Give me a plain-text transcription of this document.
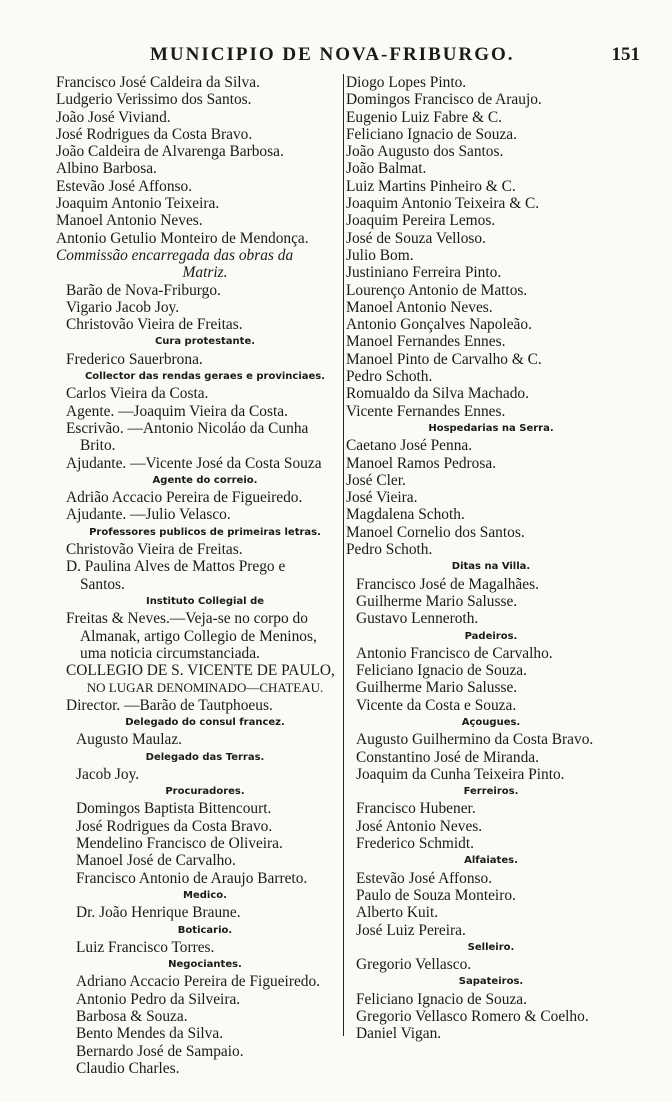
MUNICIPIO DE NOVA-FRIBURGO.	151
Francisco José Caldeira da Silva.
Ludgerio Verissimo dos Santos.
João José Viviand.
José Rodrigues da Costa Bravo.
João Caldeira de Alvarenga Barbosa.
Albino Barbosa.
Estevão José Affonso.
Joaquim Antonio Teixeira.
Manoel Antonio Neves.
Antonio Getulio Monteiro de Mendonça.
Commissão encarregada das obras da
Matriz.
Barão de Nova-Friburgo.
Vigario Jacob Joy.
Christovão Vieira de Freitas.
Cura protestante.
Frederico Sauerbrona.
Collector das rendas geraes e provinciaes.
Carlos Vieira da Costa.
Agente. —Joaquim Vieira da Costa.
Escrivão. —Antonio Nicoláo da Cunha
Brito.
Ajudante. —Vicente José da Costa Souza
Agente do correio.
Adrião Accacio Pereira de Figueiredo.
Ajudante. —Julio Velasco.
Professores publicos de primeiras letras.
Christovão Vieira de Freitas.
D. Paulina Alves de Mattos Prego e
Santos.
Instituto Collegial de
Freitas & Neves.—Veja-se no corpo do
Almanak, artigo Collegio de Meninos,
uma noticia circumstanciada.
COLLEGIO DE S. VICENTE DE PAULO,
NO LUGAR DENOMINADO—CHATEAU.
Director. —Barão de Tautphoeus.
Delegado do consul francez.
Augusto Maulaz.
Delegado das Terras.
Jacob Joy.
Procuradores.
Domingos Baptista Bittencourt.
José Rodrigues da Costa Bravo.
Mendelino Francisco de Oliveira.
Manoel José de Carvalho.
Francisco Antonio de Araujo Barreto.
Medico.
Dr. João Henrique Braune.
Boticario.
Luiz Francisco Torres.
Negociantes.
Adriano Accacio Pereira de Figueiredo.
Antonio Pedro da Silveira.
Barbosa & Souza.
Bento Mendes da Silva.
Bernardo José de Sampaio.
Claudio Charles.
Diogo Lopes Pinto.
Domingos Francisco de Araujo.
Eugenio Luiz Fabre & C.
Feliciano Ignacio de Souza.
João Augusto dos Santos.
João Balmat.
Luiz Martins Pinheiro & C.
Joaquim Antonio Teixeira & C.
Joaquim Pereira Lemos.
José de Souza Velloso.
Julio Bom.
Justiniano Ferreira Pinto.
Lourenço Antonio de Mattos.
Manoel Antonio Neves.
Antonio Gonçalves Napoleão.
Manoel Fernandes Ennes.
Manoel Pinto de Carvalho & C.
Pedro Schoth.
Romualdo da Silva Machado.
Vicente Fernandes Ennes.
Hospedarias na Serra.
Caetano José Penna.
Manoel Ramos Pedrosa.
José Cler.
José Vieira.
Magdalena Schoth.
Manoel Cornelio dos Santos.
Pedro Schoth.
Ditas na Villa.
Francisco José de Magalhães.
Guilherme Mario Salusse.
Gustavo Lenneroth.
Padeiros.
Antonio Francisco de Carvalho.
Feliciano Ignacio de Souza.
Guilherme Mario Salusse.
Vicente da Costa e Souza.
Açougues.
Augusto Guilhermino da Costa Bravo.
Constantino José de Miranda.
Joaquim da Cunha Teixeira Pinto.
Ferreiros.
Francisco Hubener.
José Antonio Neves.
Frederico Schmidt.
Alfaiates.
Estevão José Affonso.
Paulo de Souza Monteiro.
Alberto Kuit.
José Luiz Pereira.
Selleiro.
Gregorio Vellasco.
Sapateiros.
Feliciano Ignacio de Souza.
Gregorio Vellasco Romero & Coelho.
Daniel Vigan.
